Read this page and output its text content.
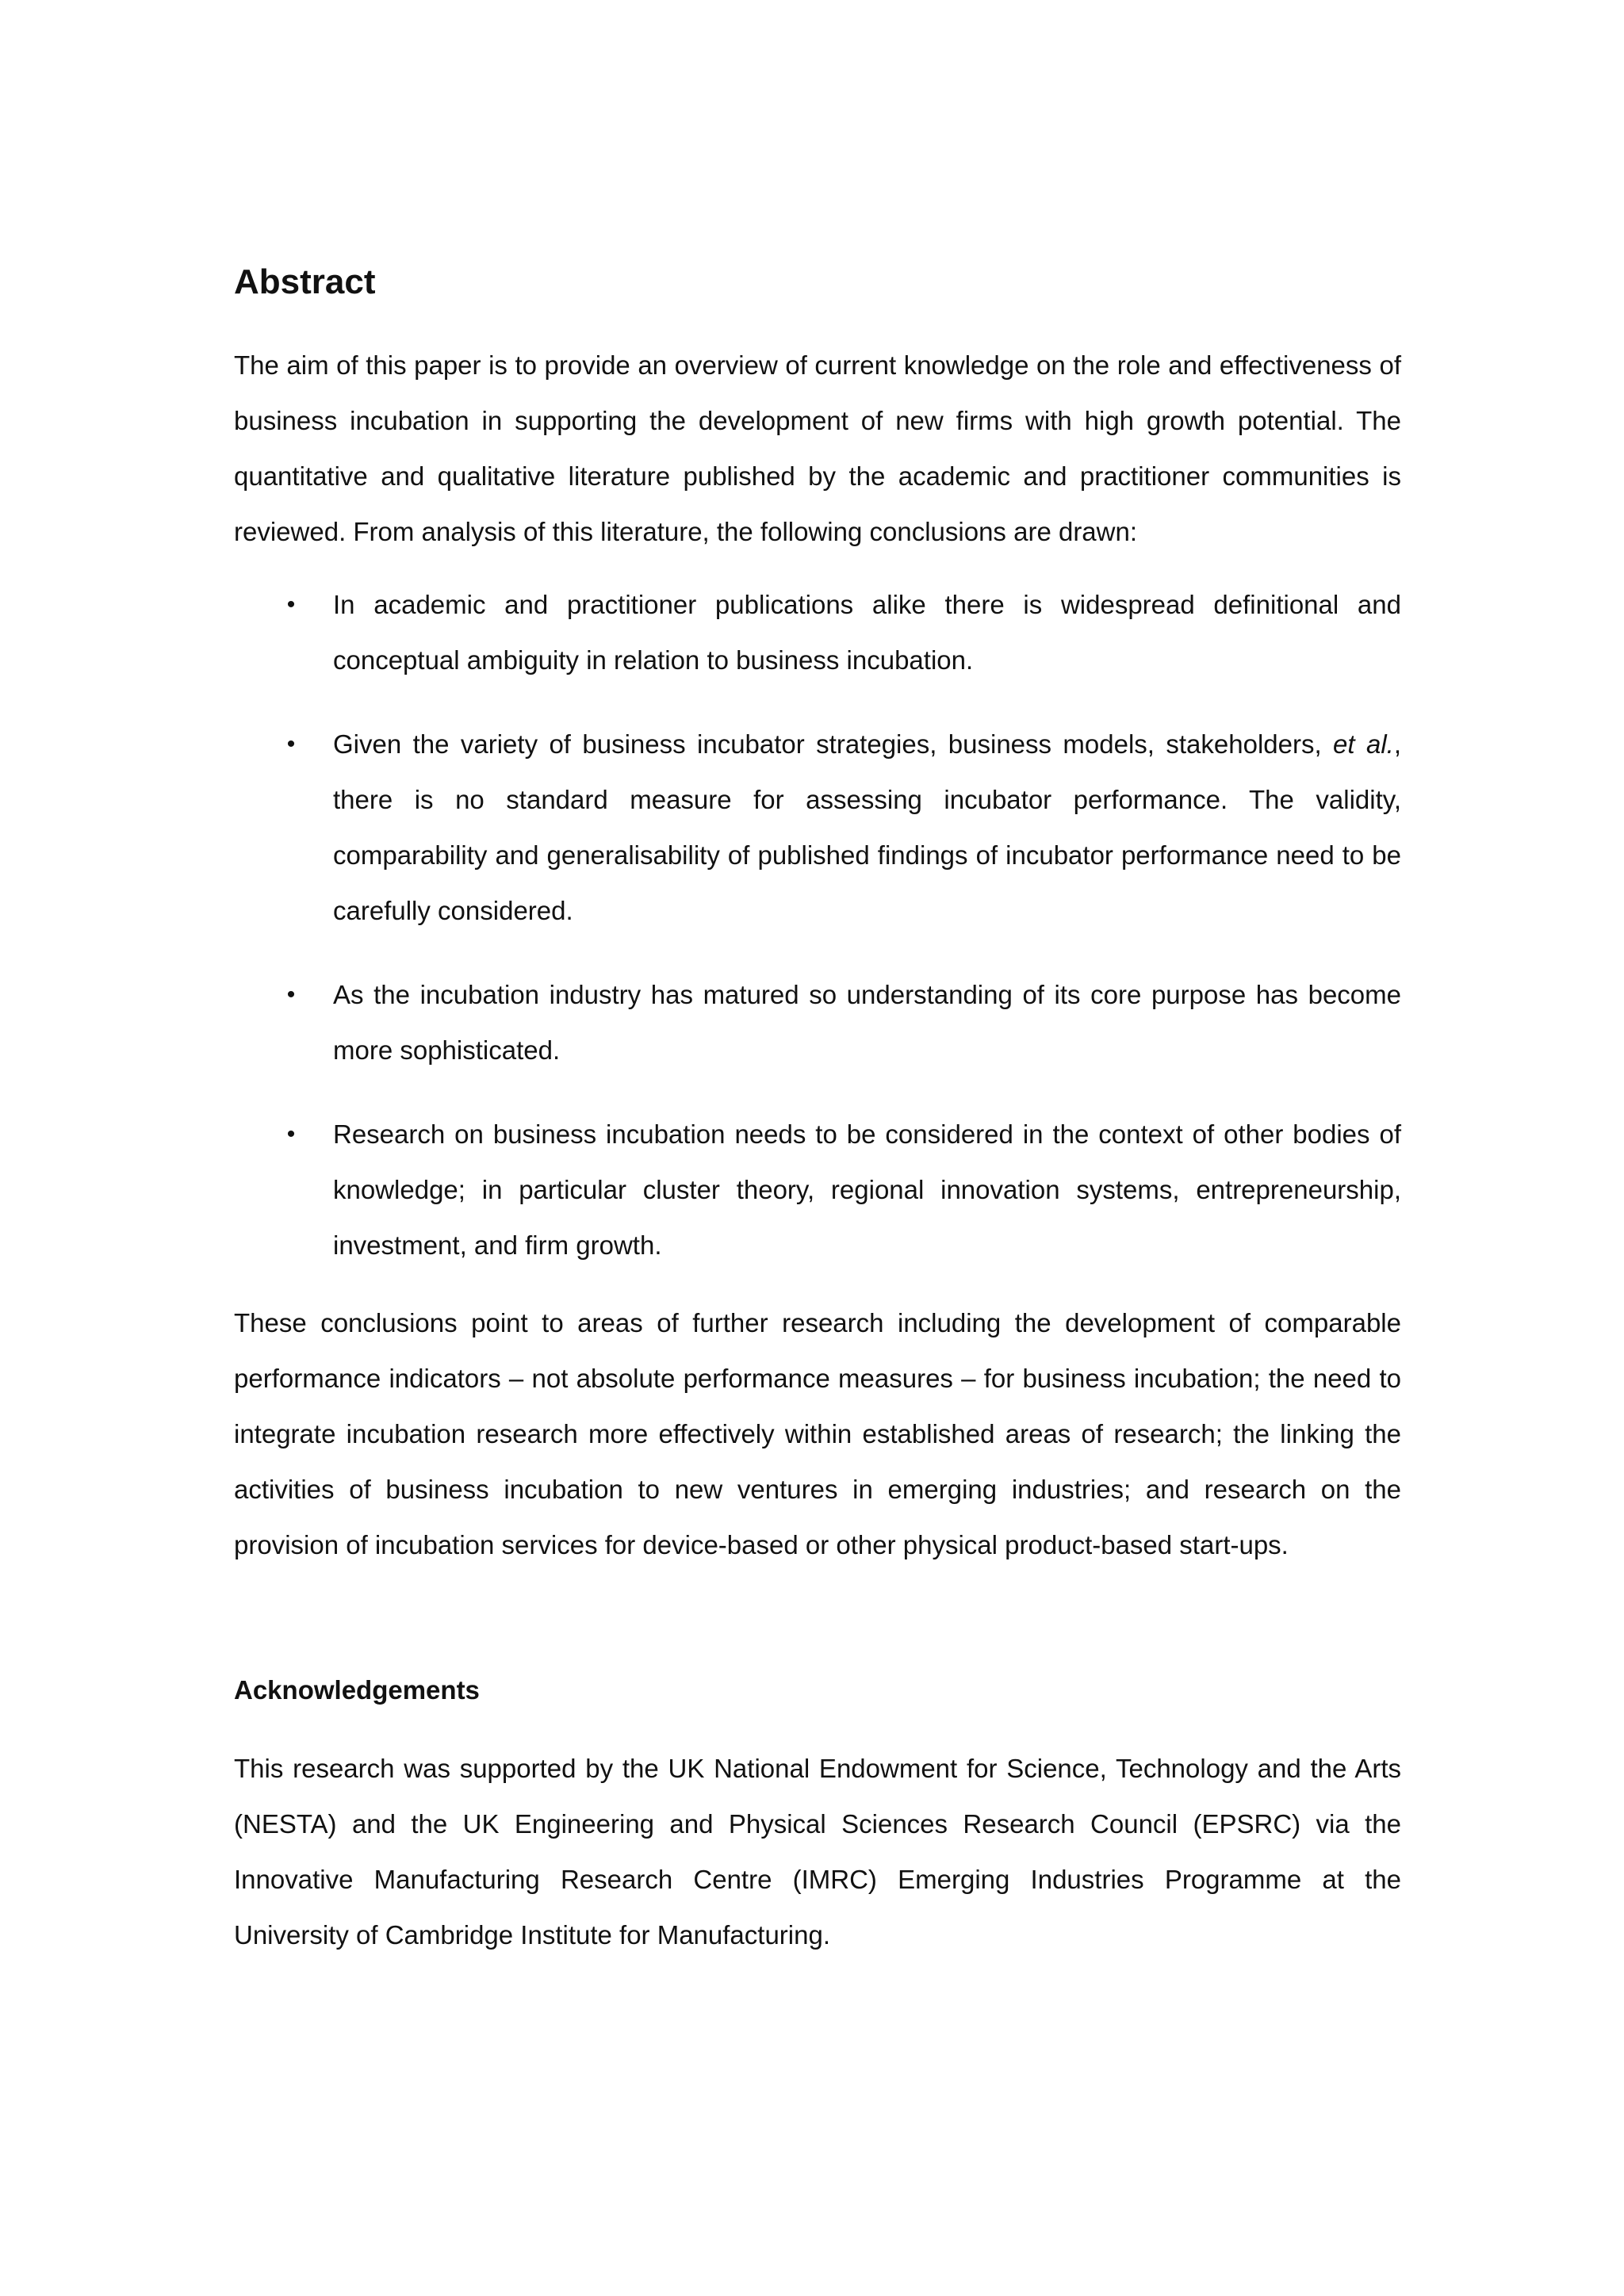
Abstract

The aim of this paper is to provide an overview of current knowledge on the role and effectiveness of business incubation in supporting the development of new firms with high growth potential. The quantitative and qualitative literature published by the academic and practitioner communities is reviewed. From analysis of this literature, the following conclusions are drawn:

• In academic and practitioner publications alike there is widespread definitional and conceptual ambiguity in relation to business incubation.
• Given the variety of business incubator strategies, business models, stakeholders, et al., there is no standard measure for assessing incubator performance. The validity, comparability and generalisability of published findings of incubator performance need to be carefully considered.
• As the incubation industry has matured so understanding of its core purpose has become more sophisticated.
• Research on business incubation needs to be considered in the context of other bodies of knowledge; in particular cluster theory, regional innovation systems, entrepreneurship, investment, and firm growth.

These conclusions point to areas of further research including the development of comparable performance indicators – not absolute performance measures – for business incubation; the need to integrate incubation research more effectively within established areas of research; the linking the activities of business incubation to new ventures in emerging industries; and research on the provision of incubation services for device-based or other physical product-based start-ups.

Acknowledgements

This research was supported by the UK National Endowment for Science, Technology and the Arts (NESTA) and the UK Engineering and Physical Sciences Research Council (EPSRC) via the Innovative Manufacturing Research Centre (IMRC) Emerging Industries Programme at the University of Cambridge Institute for Manufacturing.
